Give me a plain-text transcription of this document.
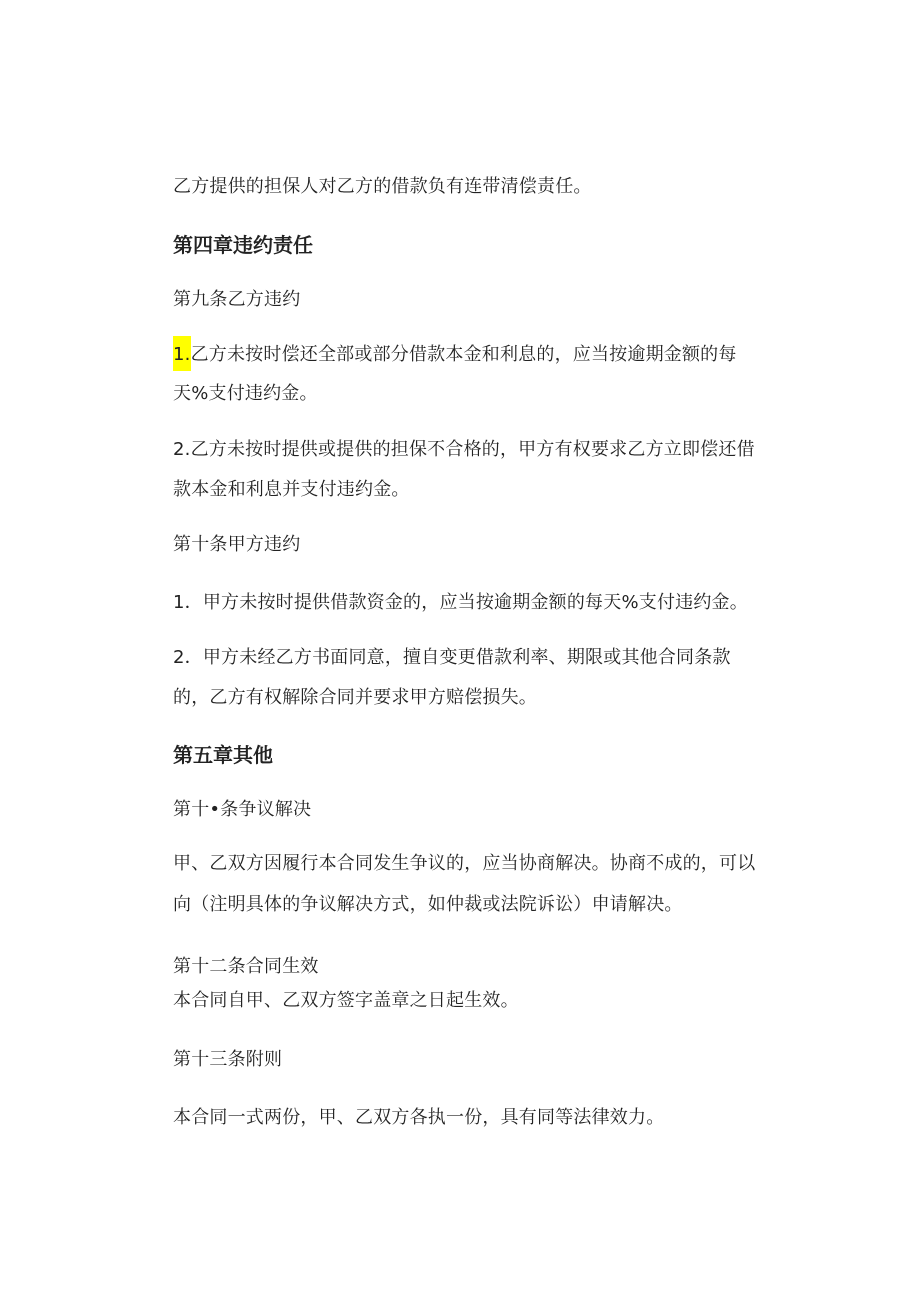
乙方提供的担保人对乙方的借款负有连带清偿责任。
第四章违约责任
第九条乙方违约
1.乙方未按时偿还全部或部分借款本金和利息的，应当按逾期金额的每
天%支付违约金。
2.乙方未按时提供或提供的担保不合格的，甲方有权要求乙方立即偿还借
款本金和利息并支付违约金。
第十条甲方违约
1．甲方未按时提供借款资金的，应当按逾期金额的每天%支付违约金。
2．甲方未经乙方书面同意，擅自变更借款利率、期限或其他合同条款
的，乙方有权解除合同并要求甲方赔偿损失。
第五章其他
第十•条争议解决
甲、乙双方因履行本合同发生争议的，应当协商解决。协商不成的，可以
向（注明具体的争议解决方式，如仲裁或法院诉讼）申请解决。
第十二条合同生效
本合同自甲、乙双方签字盖章之日起生效。
第十三条附则
本合同一式两份，甲、乙双方各执一份，具有同等法律效力。
